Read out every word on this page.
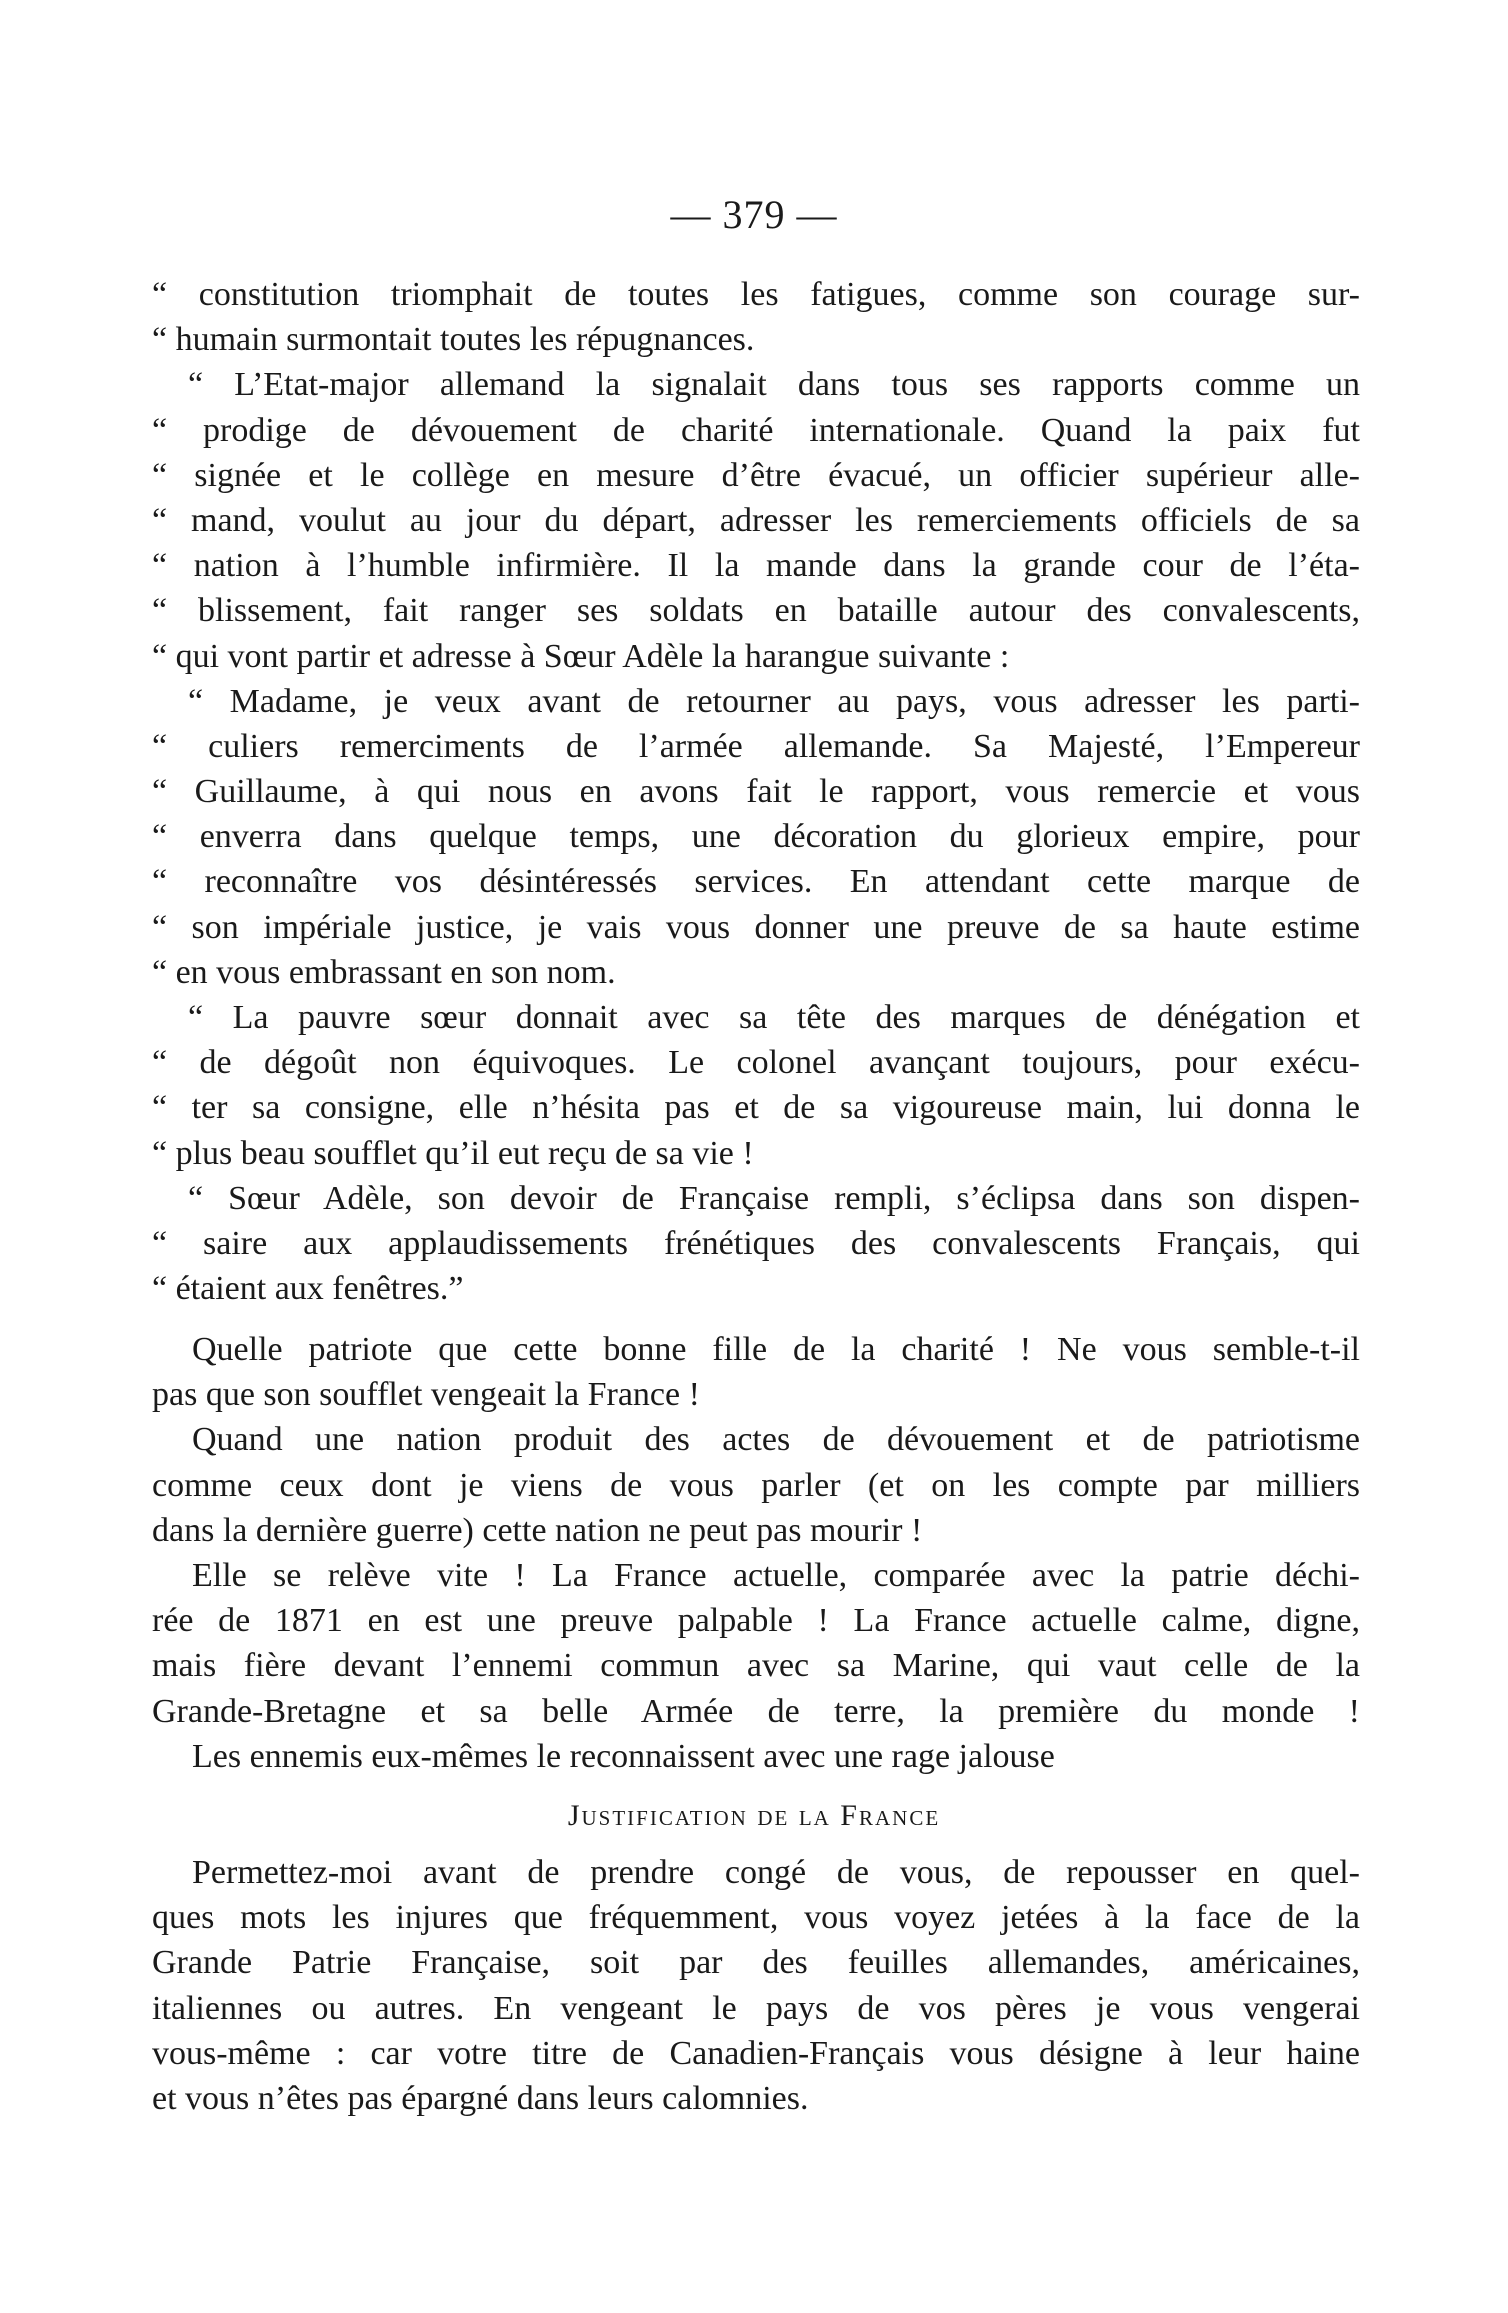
— 379 —
“ constitution triomphait de toutes les fatigues, comme son courage sur-
“ humain surmontait toutes les répugnances.
“ L’Etat-major allemand la signalait dans tous ses rapports comme un
“ prodige de dévouement de charité internationale. Quand la paix fut
“ signée et le collège en mesure d’être évacué, un officier supérieur alle-
“ mand, voulut au jour du départ, adresser les remerciements officiels de sa
“ nation à l’humble infirmière. Il la mande dans la grande cour de l’éta-
“ blissement, fait ranger ses soldats en bataille autour des convalescents,
“ qui vont partir et adresse à Sœur Adèle la harangue suivante :
“ Madame, je veux avant de retourner au pays, vous adresser les parti-
“ culiers remerciments de l’armée allemande. Sa Majesté, l’Empereur
“ Guillaume, à qui nous en avons fait le rapport, vous remercie et vous
“ enverra dans quelque temps, une décoration du glorieux empire, pour
“ reconnaître vos désintéressés services. En attendant cette marque de
“ son impériale justice, je vais vous donner une preuve de sa haute estime
“ en vous embrassant en son nom.
“ La pauvre sœur donnait avec sa tête des marques de dénégation et
“ de dégoût non équivoques. Le colonel avançant toujours, pour exécu-
“ ter sa consigne, elle n’hésita pas et de sa vigoureuse main, lui donna le
“ plus beau soufflet qu’il eut reçu de sa vie !
“ Sœur Adèle, son devoir de Française rempli, s’éclipsa dans son dispen-
“ saire aux applaudissements frénétiques des convalescents Français, qui
“ étaient aux fenêtres.”
Quelle patriote que cette bonne fille de la charité ! Ne vous semble-t-il
pas que son soufflet vengeait la France !
Quand une nation produit des actes de dévouement et de patriotisme
comme ceux dont je viens de vous parler (et on les compte par milliers
dans la dernière guerre) cette nation ne peut pas mourir !
Elle se relève vite ! La France actuelle, comparée avec la patrie déchi-
rée de 1871 en est une preuve palpable ! La France actuelle calme, digne,
mais fière devant l’ennemi commun avec sa Marine, qui vaut celle de la
Grande-Bretagne et sa belle Armée de terre, la première du monde !
Les ennemis eux-mêmes le reconnaissent avec une rage jalouse
Justification de la France
Permettez-moi avant de prendre congé de vous, de repousser en quel-
ques mots les injures que fréquemment, vous voyez jetées à la face de la
Grande Patrie Française, soit par des feuilles allemandes, américaines,
italiennes ou autres. En vengeant le pays de vos pères je vous vengerai
vous-même : car votre titre de Canadien-Français vous désigne à leur haine
et vous n’êtes pas épargné dans leurs calomnies.
